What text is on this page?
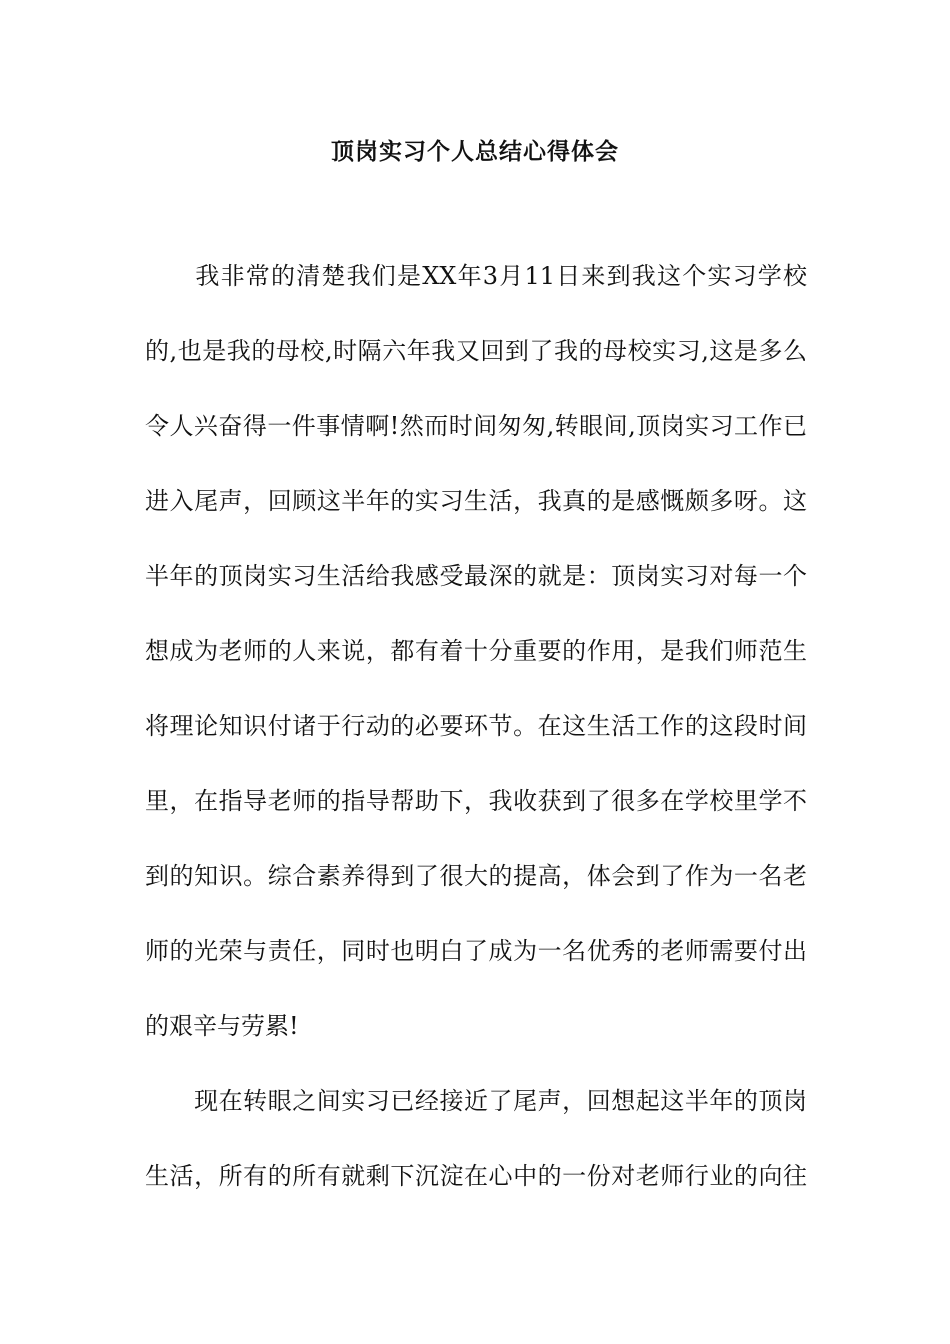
顶岗实习个人总结心得体会
　　我非常的清楚我们是XX年3月11日来到我这个实习学校
的,也是我的母校,时隔六年我又回到了我的母校实习,这是多么
令人兴奋得一件事情啊!然而时间匆匆,转眼间,顶岗实习工作已
进入尾声，回顾这半年的实习生活，我真的是感慨颇多呀。这
半年的顶岗实习生活给我感受最深的就是：顶岗实习对每一个
想成为老师的人来说，都有着十分重要的作用，是我们师范生
将理论知识付诸于行动的必要环节。在这生活工作的这段时间
里，在指导老师的指导帮助下，我收获到了很多在学校里学不
到的知识。综合素养得到了很大的提高，体会到了作为一名老
师的光荣与责任，同时也明白了成为一名优秀的老师需要付出
的艰辛与劳累!
　　现在转眼之间实习已经接近了尾声，回想起这半年的顶岗
生活，所有的所有就剩下沉淀在心中的一份对老师行业的向往
